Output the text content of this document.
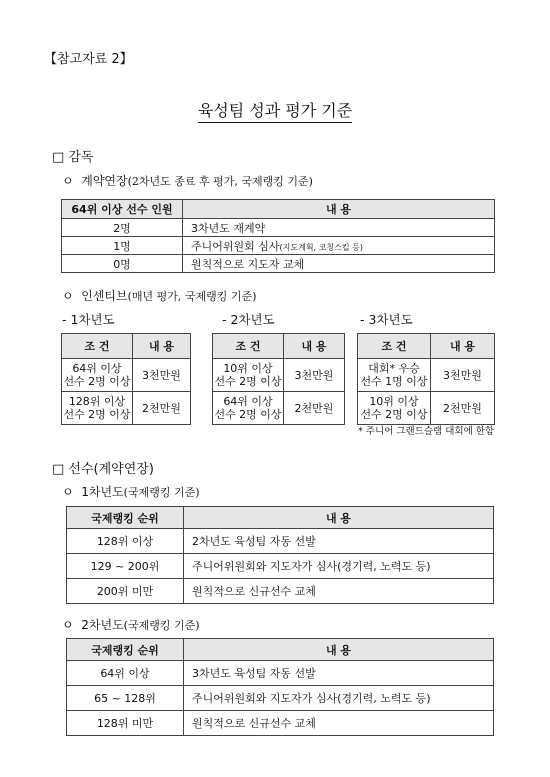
【참고자료 2】
육성팀 성과 평가 기준
□ 감독
ㅇ 계약연장(2차년도 종료 후 평가, 국제랭킹 기준)
64위 이상 선수 인원	내 용
2명	3차년도 재계약
1명	주니어위원회 심사(지도계획, 코칭스킬 등)
0명	원칙적으로 지도자 교체
ㅇ 인센티브(매년 평가, 국제랭킹 기준)
- 1차년도	- 2차년도	- 3차년도
조 건	내 용

64위 이상
선수 2명 이상	3천만원

128위 이상
선수 2명 이상	2천만원
조 건	내 용

10위 이상
선수 2명 이상	3천만원

64위 이상
선수 2명 이상	2천만원
조 건	내 용

대회* 우승
선수 1명 이상	3천만원

10위 이상
선수 2명 이상	2천만원
* 주니어 그랜드슬램 대회에 한함
□ 선수(계약연장)
ㅇ 1차년도(국제랭킹 기준)
국제랭킹 순위	내 용
128위 이상	2차년도 육성팀 자동 선발
129 ~ 200위	주니어위원회와 지도자가 심사(경기력, 노력도 등)
200위 미만	원칙적으로 신규선수 교체
ㅇ 2차년도(국제랭킹 기준)
국제랭킹 순위	내 용
64위 이상	3차년도 육성팀 자동 선발
65 ~ 128위	주니어위원회와 지도자가 심사(경기력, 노력도 등)
128위 미만	원칙적으로 신규선수 교체
